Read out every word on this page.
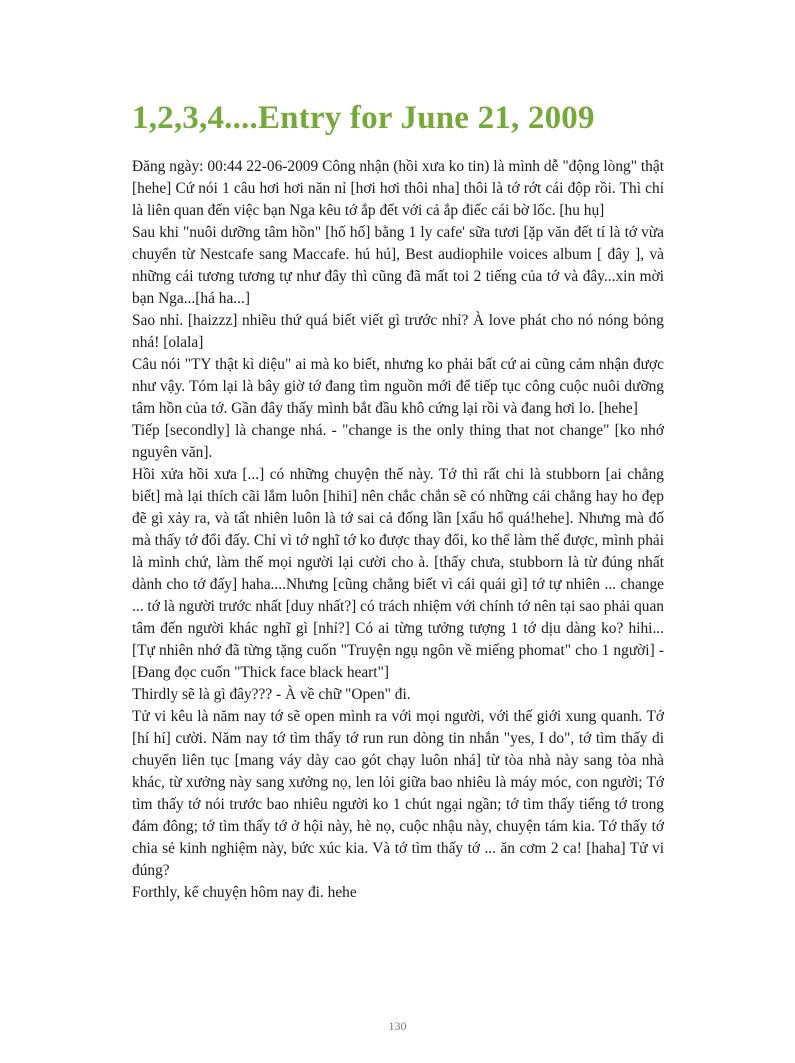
1,2,3,4....Entry for June 21, 2009

Đăng ngày: 00:44 22-06-2009 Công nhận (hồi xưa ko tin) là mình dễ "động lòng" thật [hehe] Cứ nói 1 câu hơi hơi năn nỉ [hơi hơi thôi nha] thôi là tớ rớt cái độp rồi. Thì chỉ là liên quan đến việc bạn Nga kêu tớ ắp đết với cả ắp điếc cái bờ lốc. [hu hụ]

Sau khi "nuôi dưỡng tâm hồn" [hố hố] bằng 1 ly cafe' sữa tươi [ặp văn đết tí là tớ vừa chuyển từ Nestcafe sang Maccafe. hú hú], Best audiophile voices album [ đây ], và những cái tương tương tự như đây thì cũng đã mất toi 2 tiếng của tớ và đây...xin mời bạn Nga...[há ha...]

Sao nhỉ. [haizzz] nhiều thứ quá biết viết gì trước nhỉ? À love phát cho nó nóng bỏng nhá! [olala]

Câu nói "TY thật kì diệu" ai mà ko biết, nhưng ko phải bất cứ ai cũng cảm nhận được như vậy. Tóm lại là bây giờ tớ đang tìm nguồn mới để tiếp tục công cuộc nuôi dưỡng tâm hồn của tớ. Gần đây thấy mình bắt đầu khô cứng lại rồi và đang hơi lo. [hehe]

Tiếp [secondly] là change nhá. - "change is the only thing that not change" [ko nhớ nguyên văn].

Hồi xửa hồi xưa [...] có những chuyện thế này. Tớ thì rất chi là stubborn [ai chẳng biết] mà lại thích cãi lắm luôn [hihi] nên chắc chắn sẽ có những cái chẳng hay ho đẹp đẽ gì xảy ra, và tất nhiên luôn là tớ sai cả đống lần [xấu hổ quá!hehe]. Nhưng mà đố mà thấy tớ đổi đấy. Chỉ vì tớ nghĩ tớ ko được thay đổi, ko thể làm thế được, mình phải là mình chứ, làm thế mọi người lại cười cho à. [thấy chưa, stubborn là từ đúng nhất dành cho tớ đấy] haha....Nhưng [cũng chẳng biết vì cái quái gì] tớ tự nhiên ... change ... tớ là người trước nhất [duy nhất?] có trách nhiệm với chính tớ nên tại sao phải quan tâm đến người khác nghĩ gì [nhỉ?] Có ai từng tưởng tượng 1 tớ dịu dàng ko? hihi... [Tự nhiên nhớ đã từng tặng cuốn "Truyện ngụ ngôn về miếng phomat" cho 1 người] - [Đang đọc cuốn "Thick face black heart"]

Thirdly sẽ là gì đây??? - À về chữ "Open" đi.

Tử vi kêu là năm nay tớ sẽ open mình ra với mọi người, với thế giới xung quanh. Tớ [hí hí] cười. Năm nay tớ tìm thấy tớ run run dòng tin nhắn "yes, I do", tớ tìm thấy di chuyển liên tục [mang váy dày cao gót chạy luôn nhá] từ tòa nhà này sang tòa nhà khác, từ xưởng này sang xưởng nọ, len lỏi giữa bao nhiêu là máy móc, con người; Tớ tìm thấy tớ nói trước bao nhiêu người ko 1 chút ngại ngần; tớ tìm thấy tiếng tớ trong đám đông; tớ tìm thấy tớ ở hội này, hè nọ, cuộc nhậu này, chuyện tám kia. Tớ thấy tớ chia sẻ kinh nghiệm này, bức xúc kia. Và tớ tìm thấy tớ ... ăn cơm 2 ca! [haha] Tử vi đúng?

Forthly, kể chuyện hôm nay đi. hehe

130
